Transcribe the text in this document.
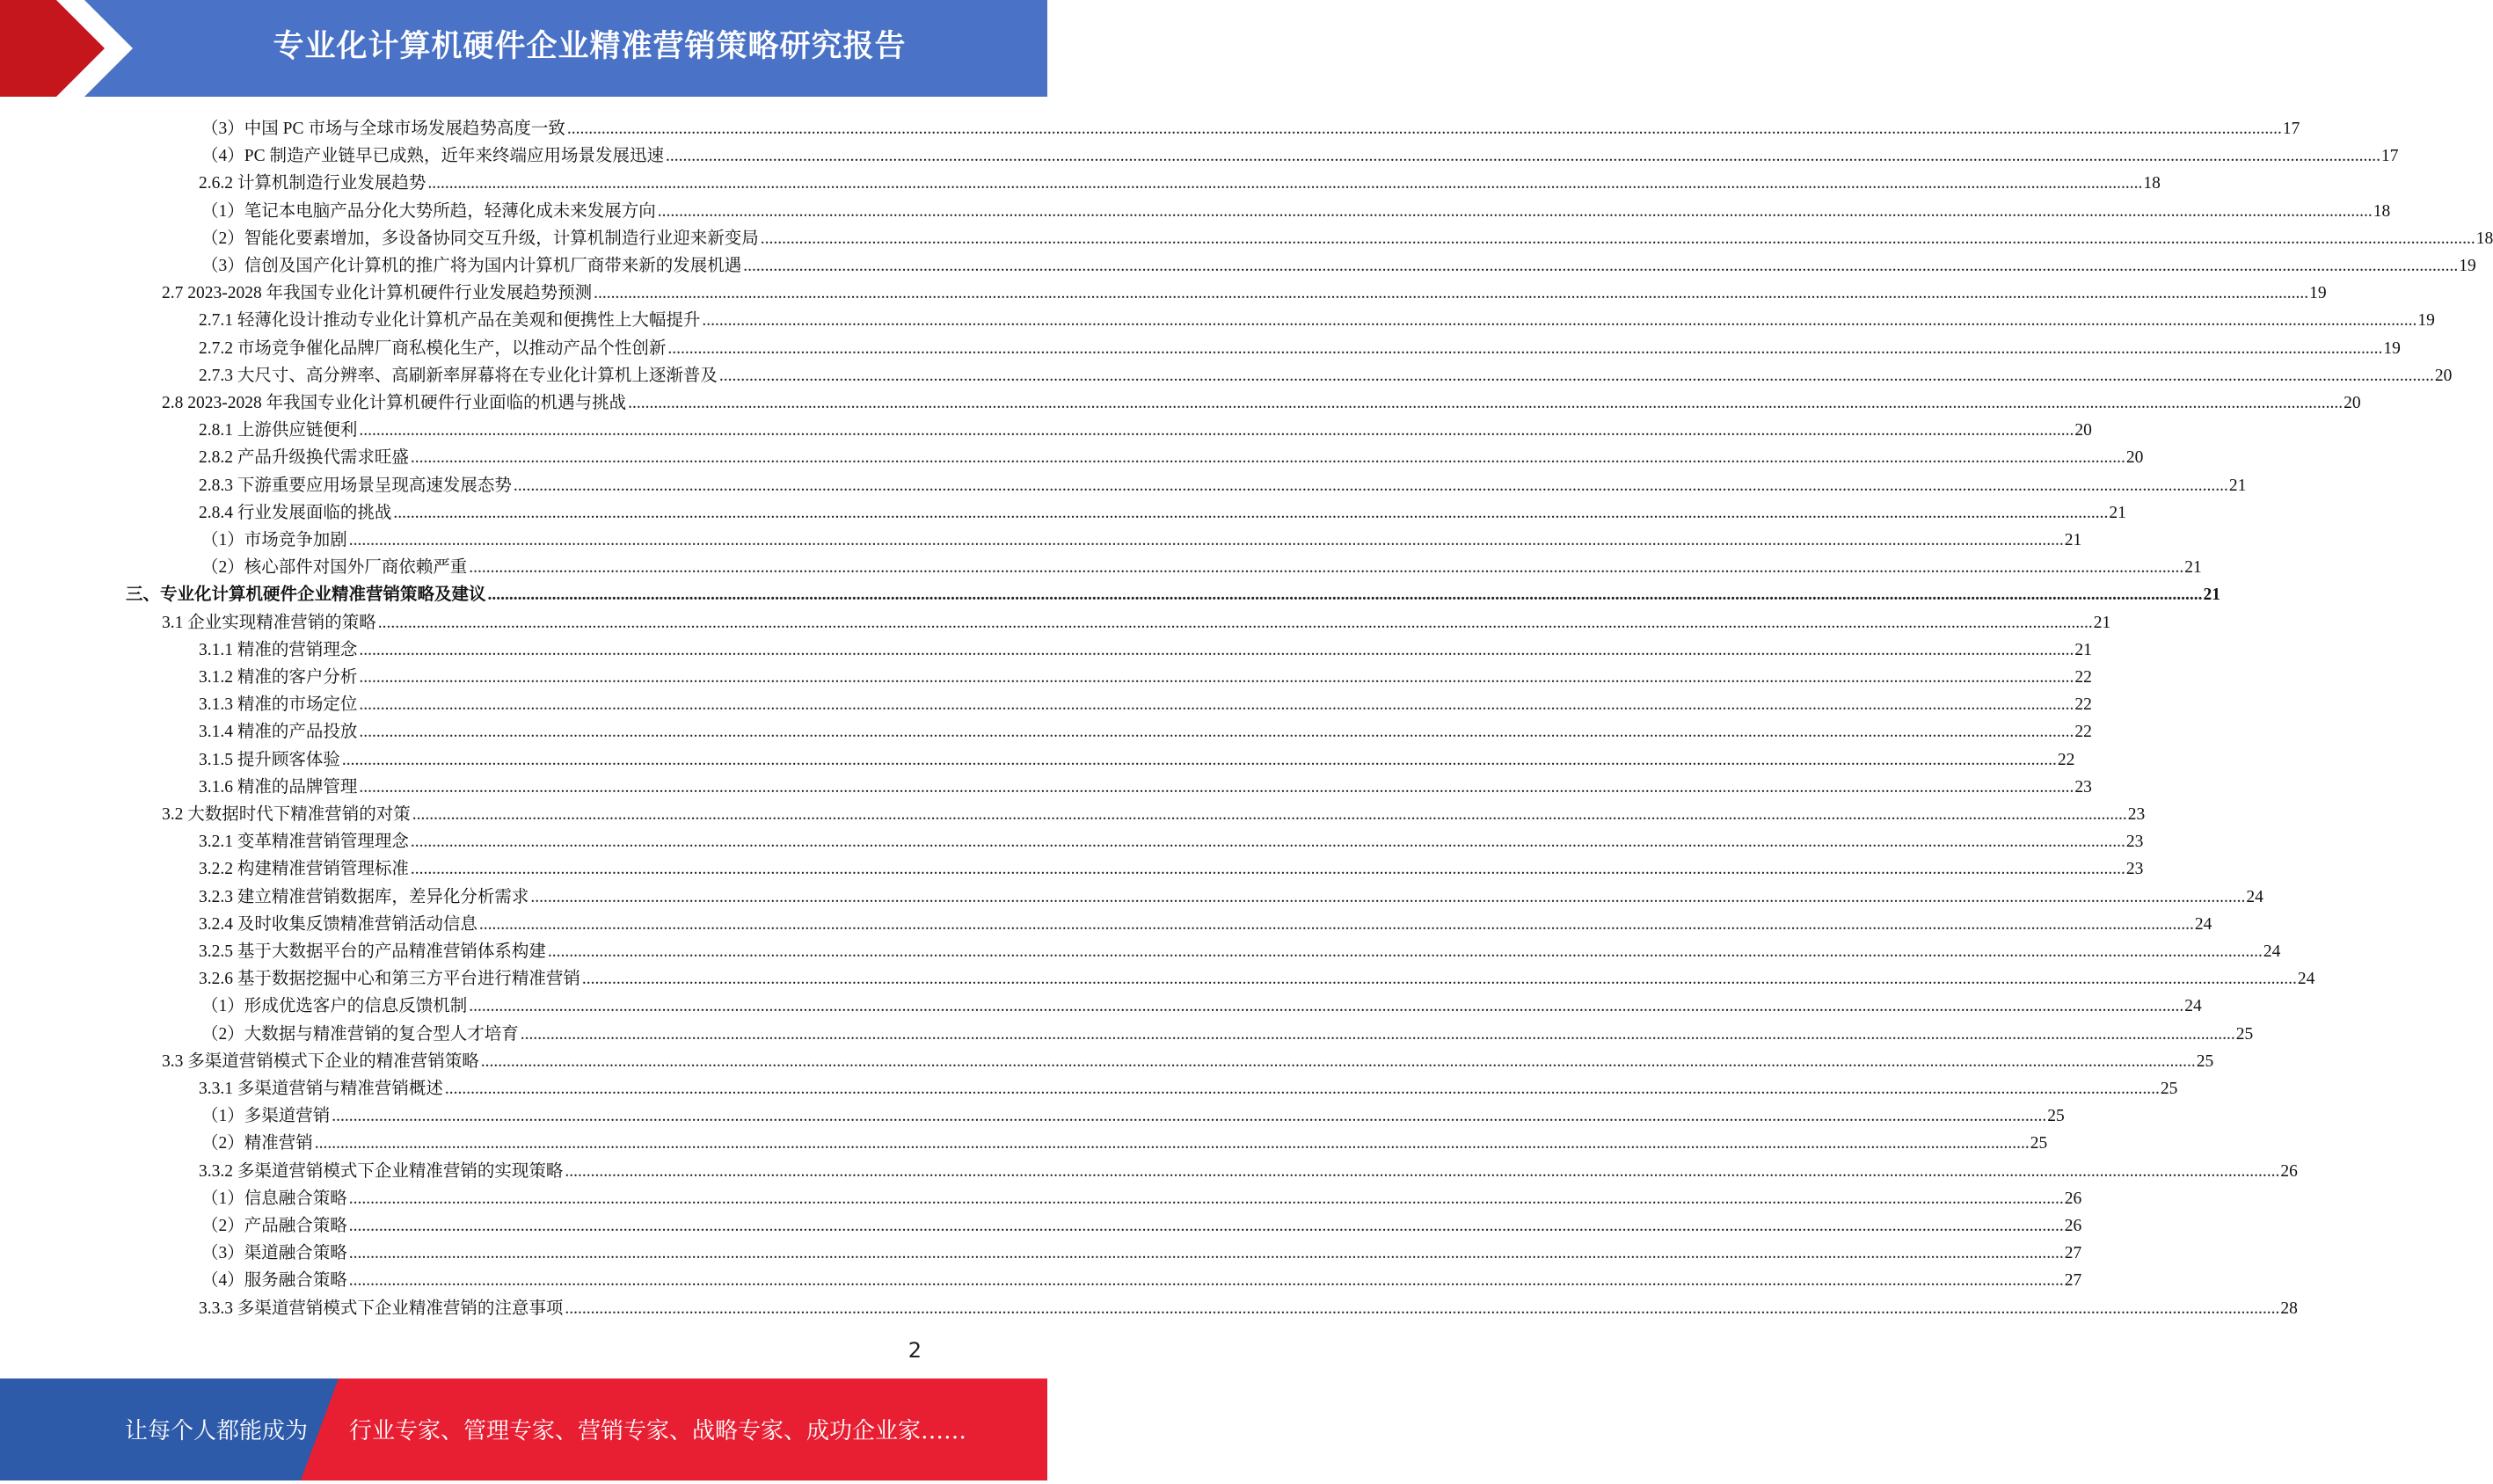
专业化计算机硬件企业精准营销策略研究报告
（3）中国 PC 市场与全球市场发展趋势高度一致 ................................................................................................................................................................................................................................................................................................................................................................................................................ 17
（4）PC 制造产业链早已成熟，近年来终端应用场景发展迅速 ................................................................................................................................................................................................................................................................................................................................................................................................................ 17
2.6.2 计算机制造行业发展趋势 ................................................................................................................................................................................................................................................................................................................................................................................................................ 18
（1）笔记本电脑产品分化大势所趋，轻薄化成未来发展方向 ................................................................................................................................................................................................................................................................................................................................................................................................................ 18
（2）智能化要素增加，多设备协同交互升级，计算机制造行业迎来新变局 ................................................................................................................................................................................................................................................................................................................................................................................................................ 18
（3）信创及国产化计算机的推广将为国内计算机厂商带来新的发展机遇 ................................................................................................................................................................................................................................................................................................................................................................................................................ 19
2.7 2023-2028 年我国专业化计算机硬件行业发展趋势预测 ................................................................................................................................................................................................................................................................................................................................................................................................................ 19
2.7.1 轻薄化设计推动专业化计算机产品在美观和便携性上大幅提升 ................................................................................................................................................................................................................................................................................................................................................................................................................ 19
2.7.2 市场竞争催化品牌厂商私模化生产，以推动产品个性创新 ................................................................................................................................................................................................................................................................................................................................................................................................................ 19
2.7.3 大尺寸、高分辨率、高刷新率屏幕将在专业化计算机上逐渐普及 ................................................................................................................................................................................................................................................................................................................................................................................................................ 20
2.8 2023-2028 年我国专业化计算机硬件行业面临的机遇与挑战 ................................................................................................................................................................................................................................................................................................................................................................................................................ 20
2.8.1 上游供应链便利 ................................................................................................................................................................................................................................................................................................................................................................................................................ 20
2.8.2 产品升级换代需求旺盛 ................................................................................................................................................................................................................................................................................................................................................................................................................ 20
2.8.3 下游重要应用场景呈现高速发展态势 ................................................................................................................................................................................................................................................................................................................................................................................................................ 21
2.8.4 行业发展面临的挑战 ................................................................................................................................................................................................................................................................................................................................................................................................................ 21
（1）市场竞争加剧 ................................................................................................................................................................................................................................................................................................................................................................................................................ 21
（2）核心部件对国外厂商依赖严重 ................................................................................................................................................................................................................................................................................................................................................................................................................ 21
三、专业化计算机硬件企业精准营销策略及建议 ................................................................................................................................................................................................................................................................................................................................................................................................................ 21
3.1 企业实现精准营销的策略 ................................................................................................................................................................................................................................................................................................................................................................................................................ 21
3.1.1 精准的营销理念 ................................................................................................................................................................................................................................................................................................................................................................................................................ 21
3.1.2 精准的客户分析 ................................................................................................................................................................................................................................................................................................................................................................................................................ 22
3.1.3 精准的市场定位 ................................................................................................................................................................................................................................................................................................................................................................................................................ 22
3.1.4 精准的产品投放 ................................................................................................................................................................................................................................................................................................................................................................................................................ 22
3.1.5 提升顾客体验 ................................................................................................................................................................................................................................................................................................................................................................................................................ 22
3.1.6 精准的品牌管理 ................................................................................................................................................................................................................................................................................................................................................................................................................ 23
3.2 大数据时代下精准营销的对策 ................................................................................................................................................................................................................................................................................................................................................................................................................ 23
3.2.1 变革精准营销管理理念 ................................................................................................................................................................................................................................................................................................................................................................................................................ 23
3.2.2 构建精准营销管理标准 ................................................................................................................................................................................................................................................................................................................................................................................................................ 23
3.2.3 建立精准营销数据库，差异化分析需求 ................................................................................................................................................................................................................................................................................................................................................................................................................ 24
3.2.4 及时收集反馈精准营销活动信息 ................................................................................................................................................................................................................................................................................................................................................................................................................ 24
3.2.5 基于大数据平台的产品精准营销体系构建 ................................................................................................................................................................................................................................................................................................................................................................................................................ 24
3.2.6 基于数据挖掘中心和第三方平台进行精准营销 ................................................................................................................................................................................................................................................................................................................................................................................................................ 24
（1）形成优选客户的信息反馈机制 ................................................................................................................................................................................................................................................................................................................................................................................................................ 24
（2）大数据与精准营销的复合型人才培育 ................................................................................................................................................................................................................................................................................................................................................................................................................ 25
3.3 多渠道营销模式下企业的精准营销策略 ................................................................................................................................................................................................................................................................................................................................................................................................................ 25
3.3.1 多渠道营销与精准营销概述 ................................................................................................................................................................................................................................................................................................................................................................................................................ 25
（1）多渠道营销 ................................................................................................................................................................................................................................................................................................................................................................................................................ 25
（2）精准营销 ................................................................................................................................................................................................................................................................................................................................................................................................................ 25
3.3.2 多渠道营销模式下企业精准营销的实现策略 ................................................................................................................................................................................................................................................................................................................................................................................................................ 26
（1）信息融合策略 ................................................................................................................................................................................................................................................................................................................................................................................................................ 26
（2）产品融合策略 ................................................................................................................................................................................................................................................................................................................................................................................................................ 26
（3）渠道融合策略 ................................................................................................................................................................................................................................................................................................................................................................................................................ 27
（4）服务融合策略 ................................................................................................................................................................................................................................................................................................................................................................................................................ 27
3.3.3 多渠道营销模式下企业精准营销的注意事项 ................................................................................................................................................................................................................................................................................................................................................................................................................ 28
2
让每个人都能成为 行业专家、管理专家、营销专家、战略专家、成功企业家……
